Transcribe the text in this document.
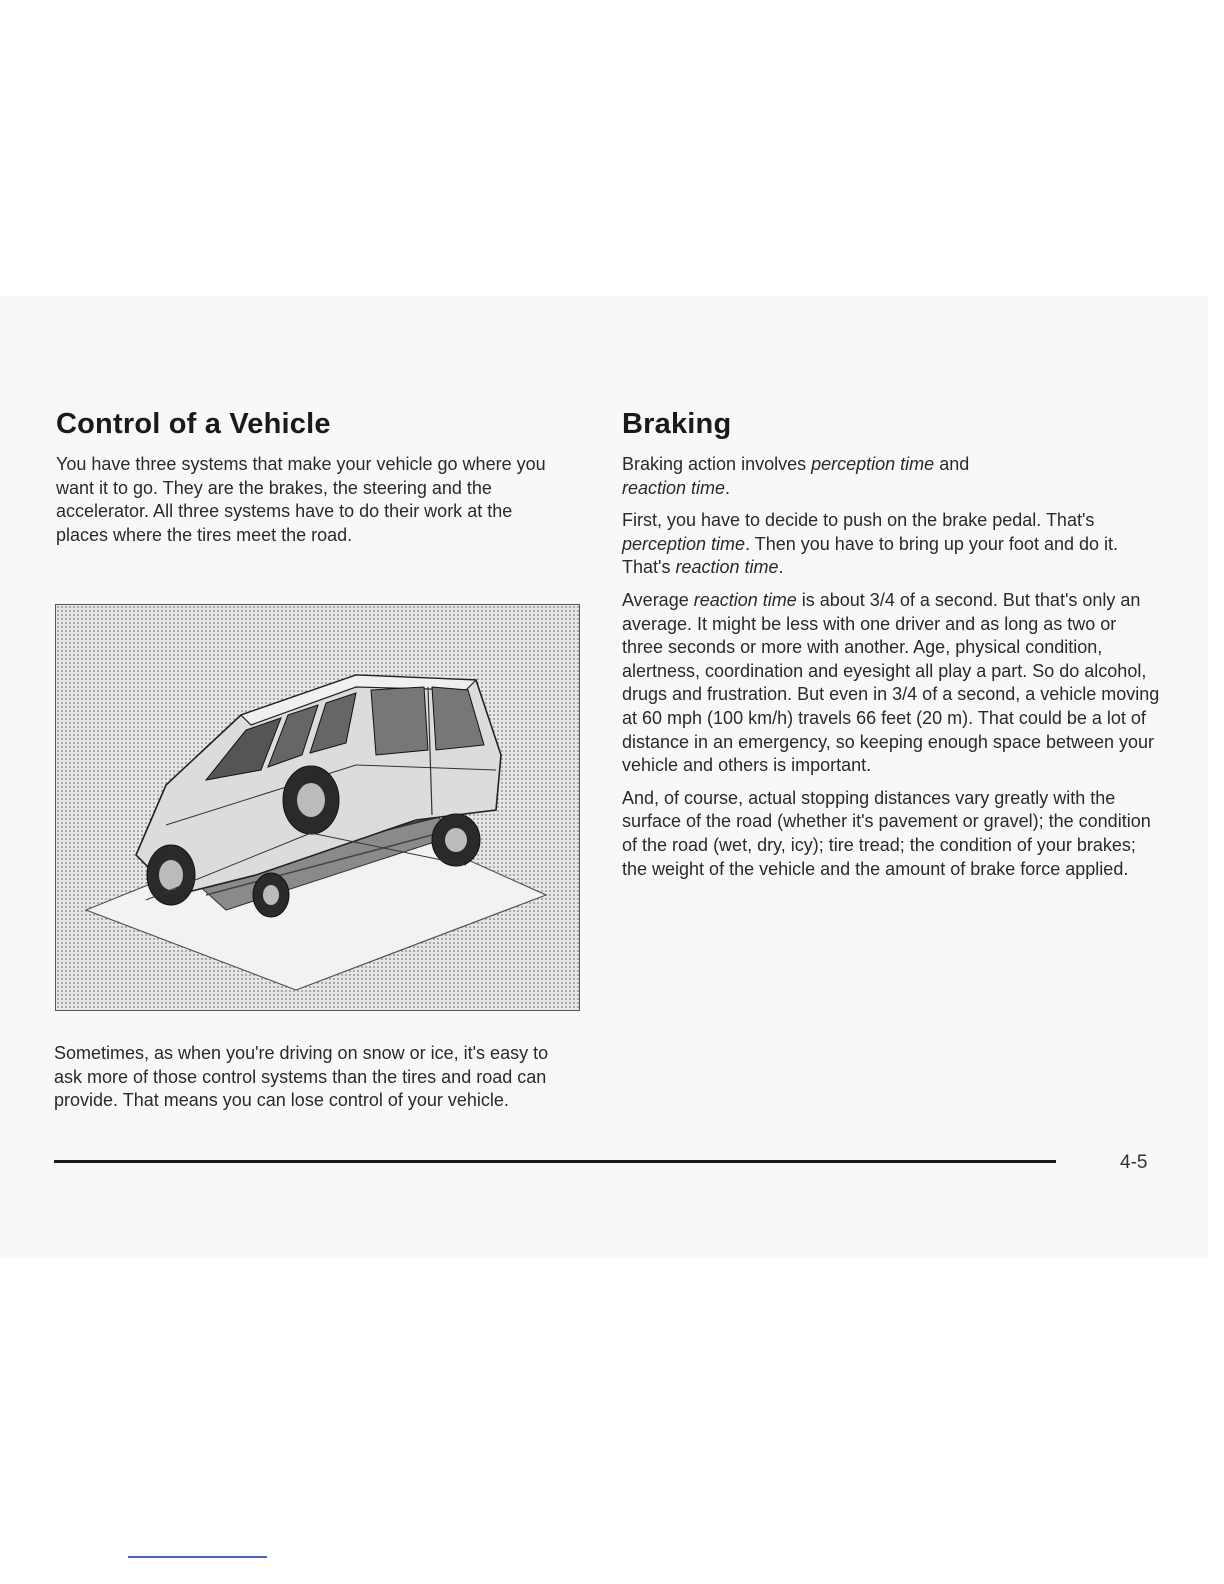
Control of a Vehicle

You have three systems that make your vehicle go where you want it to go. They are the brakes, the steering and the accelerator. All three systems have to do their work at the places where the tires meet the road.

Sometimes, as when you're driving on snow or ice, it's easy to ask more of those control systems than the tires and road can provide. That means you can lose control of your vehicle.

Braking

Braking action involves perception time and
reaction time.

First, you have to decide to push on the brake pedal. That's perception time. Then you have to bring up your foot and do it. That's reaction time.

Average reaction time is about 3/4 of a second. But that's only an average. It might be less with one driver and as long as two or three seconds or more with another. Age, physical condition, alertness, coordination and eyesight all play a part. So do alcohol, drugs and frustration. But even in 3/4 of a second, a vehicle moving at 60 mph (100 km/h) travels 66 feet (20 m). That could be a lot of distance in an emergency, so keeping enough space between your vehicle and others is important.

And, of course, actual stopping distances vary greatly with the surface of the road (whether it's pavement or gravel); the condition of the road (wet, dry, icy); tire tread; the condition of your brakes; the weight of the vehicle and the amount of brake force applied.

4-5
